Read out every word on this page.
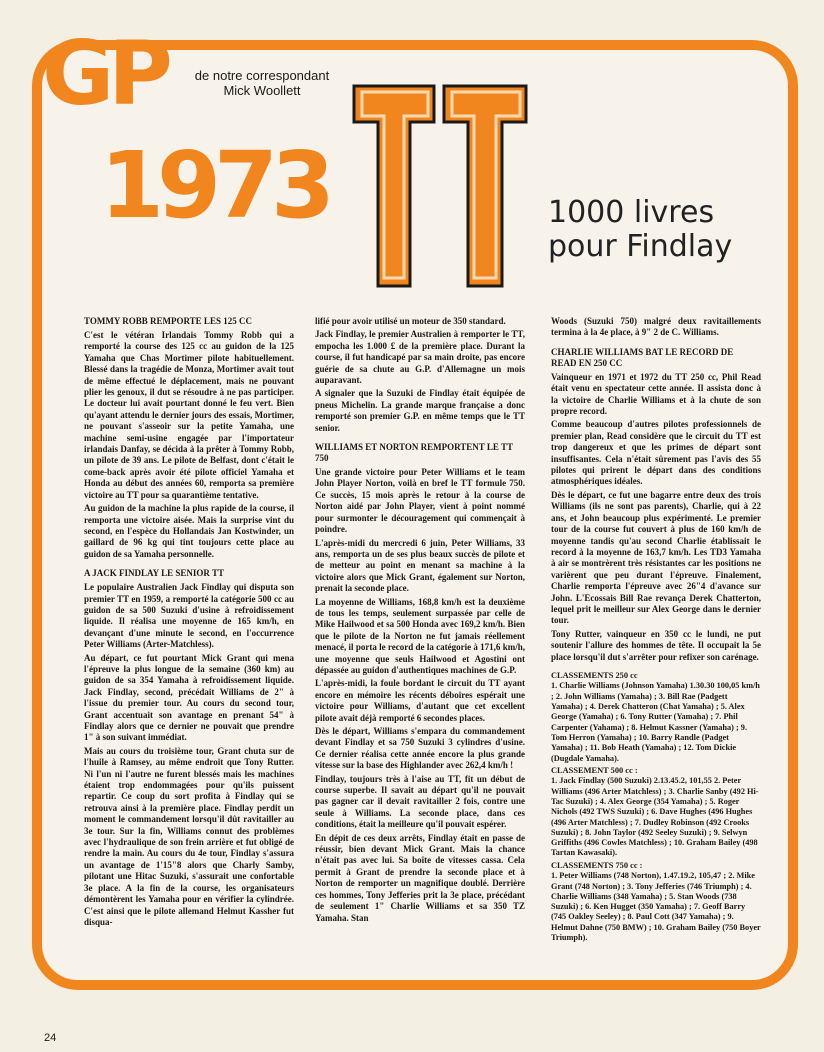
GP
1973
de notre correspondant
Mick Woollett
1000 livres
pour Findlay
TOMMY ROBB REMPORTE LES 125 CC

C'est le vétéran Irlandais Tommy Robb qui a remporté la course des 125 cc au guidon de la 125 Yamaha que Chas Mortimer pilote habituellement. Blessé dans la tragédie de Monza, Mortimer avait tout de même effectué le déplacement, mais ne pouvant plier les genoux, il dut se résoudre à ne pas participer. Le docteur lui avait pourtant donné le feu vert. Bien qu'ayant attendu le dernier jours des essais, Mortimer, ne pouvant s'asseoir sur la petite Yamaha, une machine semi-usine engagée par l'importateur irlandais Danfay, se décida à la prêter à Tommy Robb, un pilote de 39 ans. Le pilote de Belfast, dont c'était le come-back après avoir été pilote officiel Yamaha et Honda au début des années 60, remporta sa première victoire au TT pour sa quarantième tentative.

Au guidon de la machine la plus rapide de la course, il remporta une victoire aisée. Mais la surprise vint du second, en l'espèce du Hollandais Jan Kostwinder, un gaillard de 96 kg qui tint toujours cette place au guidon de sa Yamaha personnelle.

A JACK FINDLAY LE SENIOR TT

Le populaire Australien Jack Findlay qui disputa son premier TT en 1959, a remporté la catégorie 500 cc au guidon de sa 500 Suzuki d'usine à refroidissement liquide. Il réalisa une moyenne de 165 km/h, en devançant d'une minute le second, en l'occurrence Peter Williams (Arter-Matchless).

Au départ, ce fut pourtant Mick Grant qui mena l'épreuve la plus longue de la semaine (360 km) au guidon de sa 354 Yamaha à refroidissement liquide. Jack Findlay, second, précédait Williams de 2" à l'issue du premier tour. Au cours du second tour, Grant accentuait son avantage en prenant 54" à Findlay alors que ce dernier ne pouvait que prendre 1" à son suivant immédiat.

Mais au cours du troisième tour, Grant chuta sur de l'huile à Ramsey, au même endroit que Tony Rutter. Ni l'un ni l'autre ne furent blessés mais les machines étaient trop endommagées pour qu'ils puissent repartir. Ce coup du sort profita à Findlay qui se retrouva ainsi à la première place. Findlay perdit un moment le commandement lorsqu'il dût ravitailler au 3e tour. Sur la fin, Williams connut des problèmes avec l'hydraulique de son frein arrière et fut obligé de rendre la main. Au cours du 4e tour, Findlay s'assura un avantage de 1'15"8 alors que Charly Samby, pilotant une Hitac Suzuki, s'assurait une confortable 3e place. A la fin de la course, les organisateurs démontèrent les Yamaha pour en vérifier la cylindrée. C'est ainsi que le pilote allemand Helmut Kassher fut disqua-

lifié pour avoir utilisé un moteur de 350 standard.

Jack Findlay, le premier Australien à remporter le TT, empocha les 1.000 £ de la première place. Durant la course, il fut handicapé par sa main droite, pas encore guérie de sa chute au G.P. d'Allemagne un mois auparavant.

A signaler que la Suzuki de Findlay était équipée de pneus Michelin. La grande marque française a donc remporté son premier G.P. en même temps que le TT senior.

WILLIAMS ET NORTON REMPORTENT LE TT 750

Une grande victoire pour Peter Williams et le team John Player Norton, voilà en bref le TT formule 750. Ce succès, 15 mois après le retour à la course de Norton aidé par John Player, vient à point nommé pour surmonter le découragement qui commençait à poindre.

L'après-midi du mercredi 6 juin, Peter Williams, 33 ans, remporta un de ses plus beaux succès de pilote et de metteur au point en menant sa machine à la victoire alors que Mick Grant, également sur Norton, prenait la seconde place.

La moyenne de Williams, 168,8 km/h est la deuxième de tous les temps, seulement surpassée par celle de Mike Hailwood et sa 500 Honda avec 169,2 km/h. Bien que le pilote de la Norton ne fut jamais réellement menacé, il porta le record de la catégorie à 171,6 km/h, une moyenne que seuls Hailwood et Agostini ont dépassée au guidon d'authentiques machines de G.P.

L'après-midi, la foule bordant le circuit du TT ayant encore en mémoire les récents déboires espérait une victoire pour Williams, d'autant que cet excellent pilote avait déjà remporté 6 secondes places.

Dès le départ, Williams s'empara du commandement devant Findlay et sa 750 Suzuki 3 cylindres d'usine. Ce dernier réalisa cette année encore la plus grande vitesse sur la base des Highlander avec 262,4 km/h !

Findlay, toujours très à l'aise au TT, fit un début de course superbe. Il savait au départ qu'il ne pouvait pas gagner car il devait ravitailler 2 fois, contre une seule à Williams. La seconde place, dans ces conditions, était la meilleure qu'il pouvait espérer.

En dépit de ces deux arrêts, Findlay était en passe de réussir, bien devant Mick Grant. Mais la chance n'était pas avec lui. Sa boîte de vitesses cassa. Cela permit à Grant de prendre la seconde place et à Norton de remporter un magnifique doublé. Derrière ces hommes, Tony Jefferies prit la 3e place, précédant de seulement 1" Charlie Williams et sa 350 TZ Yamaha. Stan

Woods (Suzuki 750) malgré deux ravitaillements termina à la 4e place, à 9" 2 de C. Williams.

CHARLIE WILLIAMS BAT LE RECORD DE READ EN 250 CC

Vainqueur en 1971 et 1972 du TT 250 cc, Phil Read était venu en spectateur cette année. Il assista donc à la victoire de Charlie Williams et à la chute de son propre record.

Comme beaucoup d'autres pilotes professionnels de premier plan, Read considère que le circuit du TT est trop dangereux et que les primes de départ sont insuffisantes. Cela n'était sûrement pas l'avis des 55 pilotes qui prirent le départ dans des conditions atmosphériques idéales.

Dès le départ, ce fut une bagarre entre deux des trois Williams (ils ne sont pas parents), Charlie, qui à 22 ans, et John beaucoup plus expérimenté. Le premier tour de la course fut couvert à plus de 160 km/h de moyenne tandis qu'au second Charlie établissait le record à la moyenne de 163,7 km/h. Les TD3 Yamaha à air se montrèrent très résistantes car les positions ne varièrent que peu durant l'épreuve. Finalement, Charlie remporta l'épreuve avec 26"4 d'avance sur John. L'Ecossais Bill Rae revança Derek Chatterton, lequel prit le meilleur sur Alex George dans le dernier tour.

Tony Rutter, vainqueur en 350 cc le lundi, ne put soutenir l'allure des hommes de tête. Il occupait la 5e place lorsqu'il dut s'arrêter pour refixer son carénage.

CLASSEMENTS 250 cc

1. Charlie Williams (Johnson Yamaha) 1.30.30 100,05 km/h ; 2. John Williams (Yamaha) ; 3. Bill Rae (Padgett Yamaha) ; 4. Derek Chatteron (Chat Yamaha) ; 5. Alex George (Yamaha) ; 6. Tony Rutter (Yamaha) ; 7. Phil Carpenter (Yahama) ; 8. Helmut Kassner (Yamaha) ; 9. Tom Herron (Yamaha) ; 10. Barry Randle (Padget Yamaha) ; 11. Bob Heath (Yamaha) ; 12. Tom Dickie (Dugdale Yamaha).

CLASSEMENT 500 cc :

1. Jack Findlay (500 Suzuki) 2.13.45.2, 101,55 2. Peter Williams (496 Arter Matchless) ; 3. Charlie Sanby (492 Hi-Tac Suzuki) ; 4. Alex George (354 Yamaha) ; 5. Roger Nichols (492 TWS Suzuki) ; 6. Dave Hughes (496 Hughes (496 Arter Matchless) ; 7. Dudley Robinson (492 Crooks Suzuki) ; 8. John Taylor (492 Seeley Suzuki) ; 9. Selwyn Griffiths (496 Cowles Matchless) ; 10. Graham Bailey (498 Tartan Kawasaki).

CLASSEMENTS 750 cc :

1. Peter Williams (748 Norton), 1.47.19.2, 105,47 ; 2. Mike Grant (748 Norton) ; 3. Tony Jefferies (746 Triumph) ; 4. Charlie Williams (348 Yamaha) ; 5. Stan Woods (738 Suzuki) ; 6. Ken Hugget (350 Yamaha) ; 7. Geoff Barry (745 Oakley Seeley) ; 8. Paul Cott (347 Yamaha) ; 9. Helmut Dahne (750 BMW) ; 10. Graham Bailey (750 Boyer Triumph).

24
